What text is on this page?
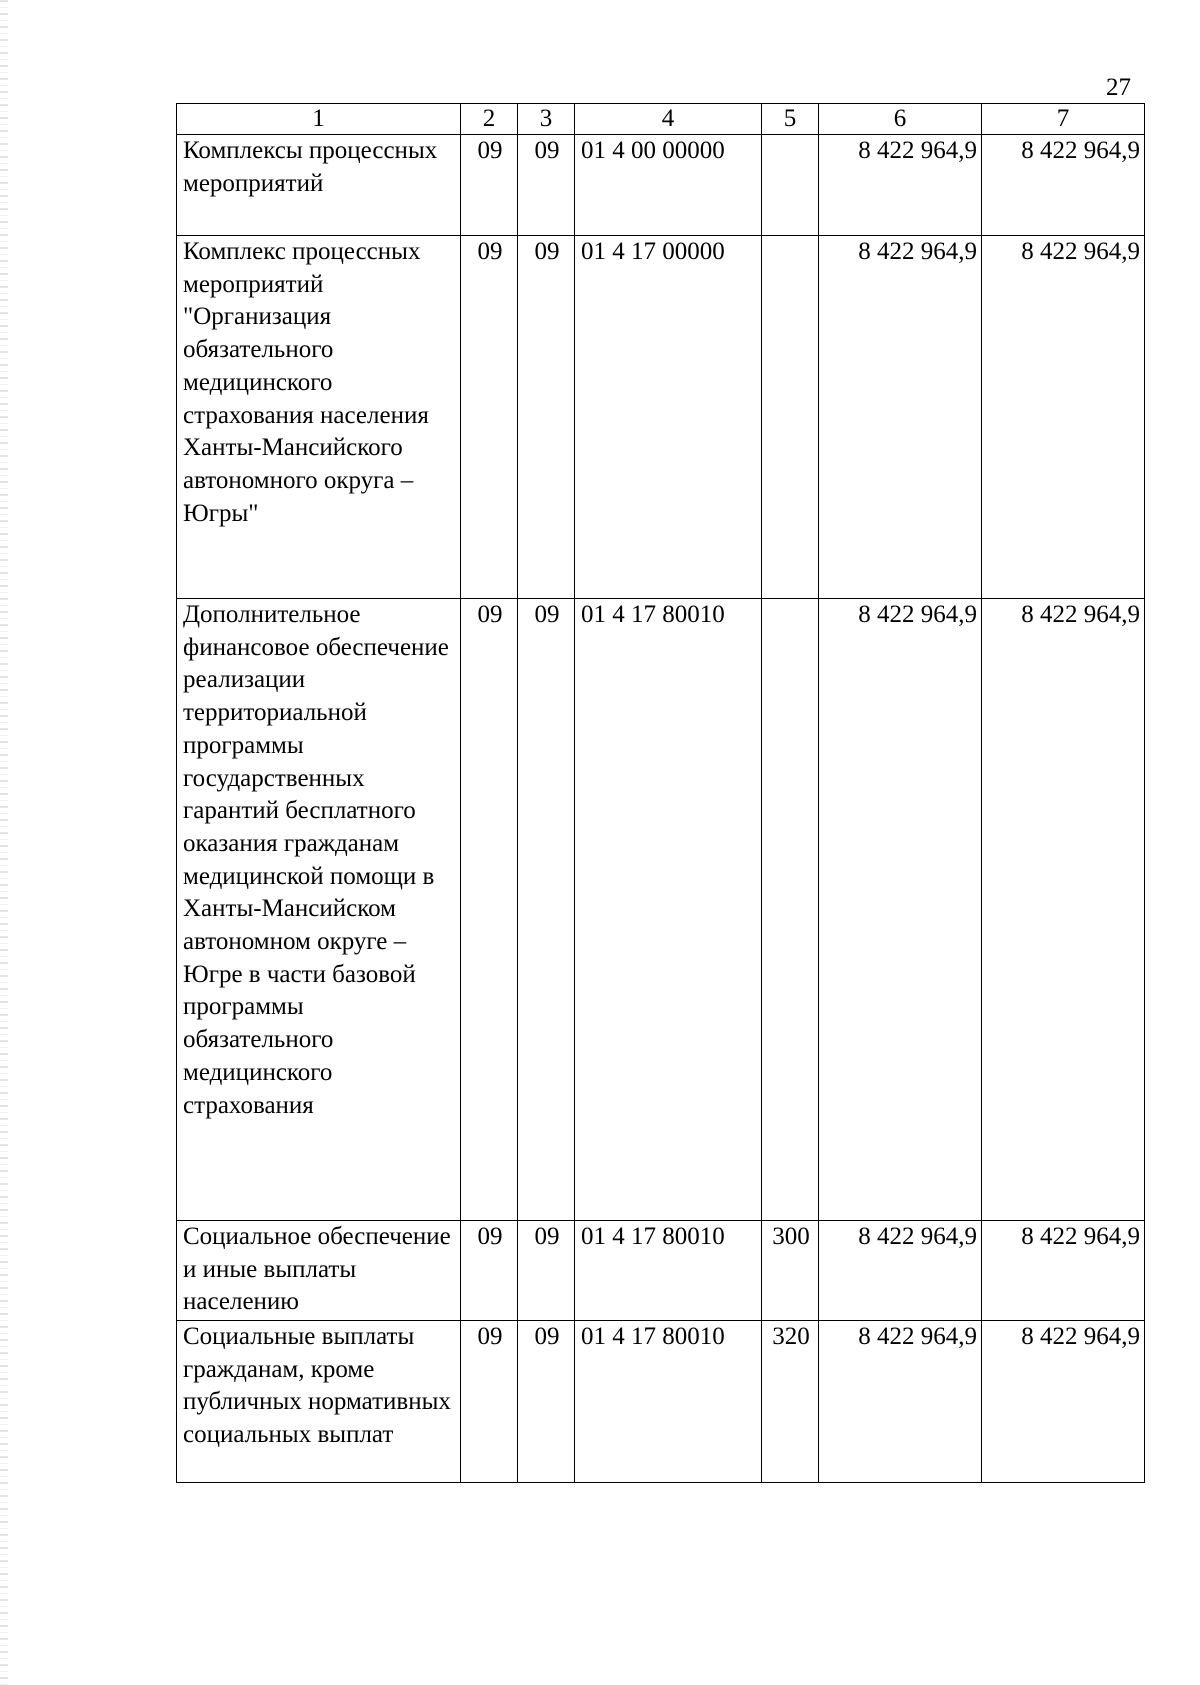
27
1	2	3	4	5	6	7
Комплексы процессных мероприятий	09	09	01 4 00 00000		8 422 964,9	8 422 964,9
Комплекс процессных мероприятий "Организация обязательного медицинского страхования населения Ханты-Мансийского автономного округа – Югры"	09	09	01 4 17 00000		8 422 964,9	8 422 964,9
Дополнительное финансовое обеспечение реализации территориальной программы государственных гарантий бесплатного оказания гражданам медицинской помощи в Ханты-Мансийском автономном округе – Югре в части базовой программы обязательного медицинского страхования	09	09	01 4 17 80010		8 422 964,9	8 422 964,9
Социальное обеспечение и иные выплаты населению	09	09	01 4 17 80010	300	8 422 964,9	8 422 964,9
Социальные выплаты гражданам, кроме публичных нормативных социальных выплат	09	09	01 4 17 80010	320	8 422 964,9	8 422 964,9
